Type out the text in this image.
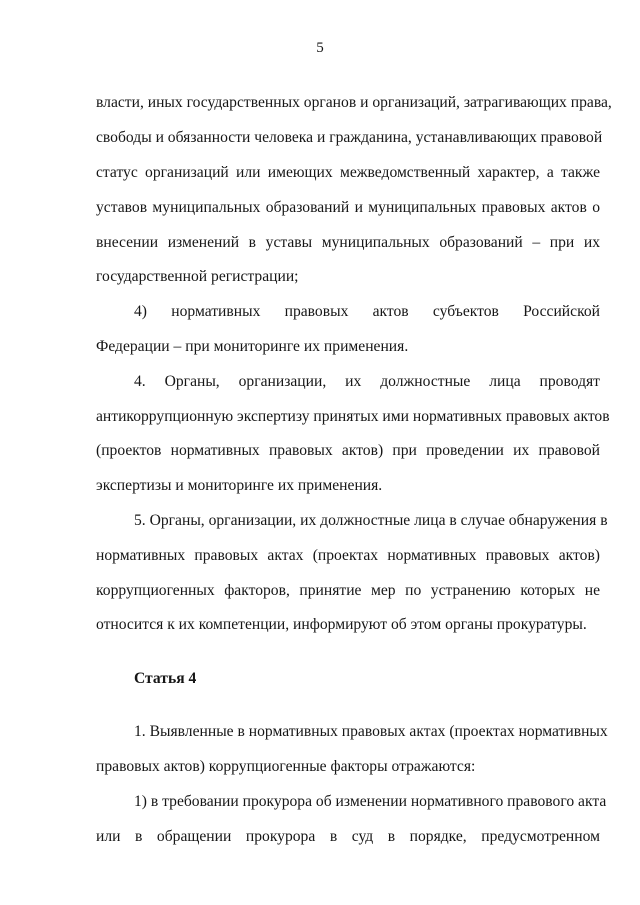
5

власти, иных государственных органов и организаций, затрагивающих права,

свободы и обязанности человека и гражданина, устанавливающих правовой

статус организаций или имеющих межведомственный характер, а также

уставов муниципальных образований и муниципальных правовых актов о

внесении изменений в уставы муниципальных образований – при их

государственной регистрации;

4) нормативных правовых актов субъектов Российской

Федерации – при мониторинге их применения.

4. Органы, организации, их должностные лица проводят

антикоррупционную экспертизу принятых ими нормативных правовых актов

(проектов нормативных правовых актов) при проведении их правовой

экспертизы и мониторинге их применения.

5. Органы, организации, их должностные лица в случае обнаружения в

нормативных правовых актах (проектах нормативных правовых актов)

коррупциогенных факторов, принятие мер по устранению которых не

относится к их компетенции, информируют об этом органы прокуратуры.

Статья 4

1. Выявленные в нормативных правовых актах (проектах нормативных

правовых актов) коррупциогенные факторы отражаются:

1) в требовании прокурора об изменении нормативного правового акта

или в обращении прокурора в суд в порядке, предусмотренном
